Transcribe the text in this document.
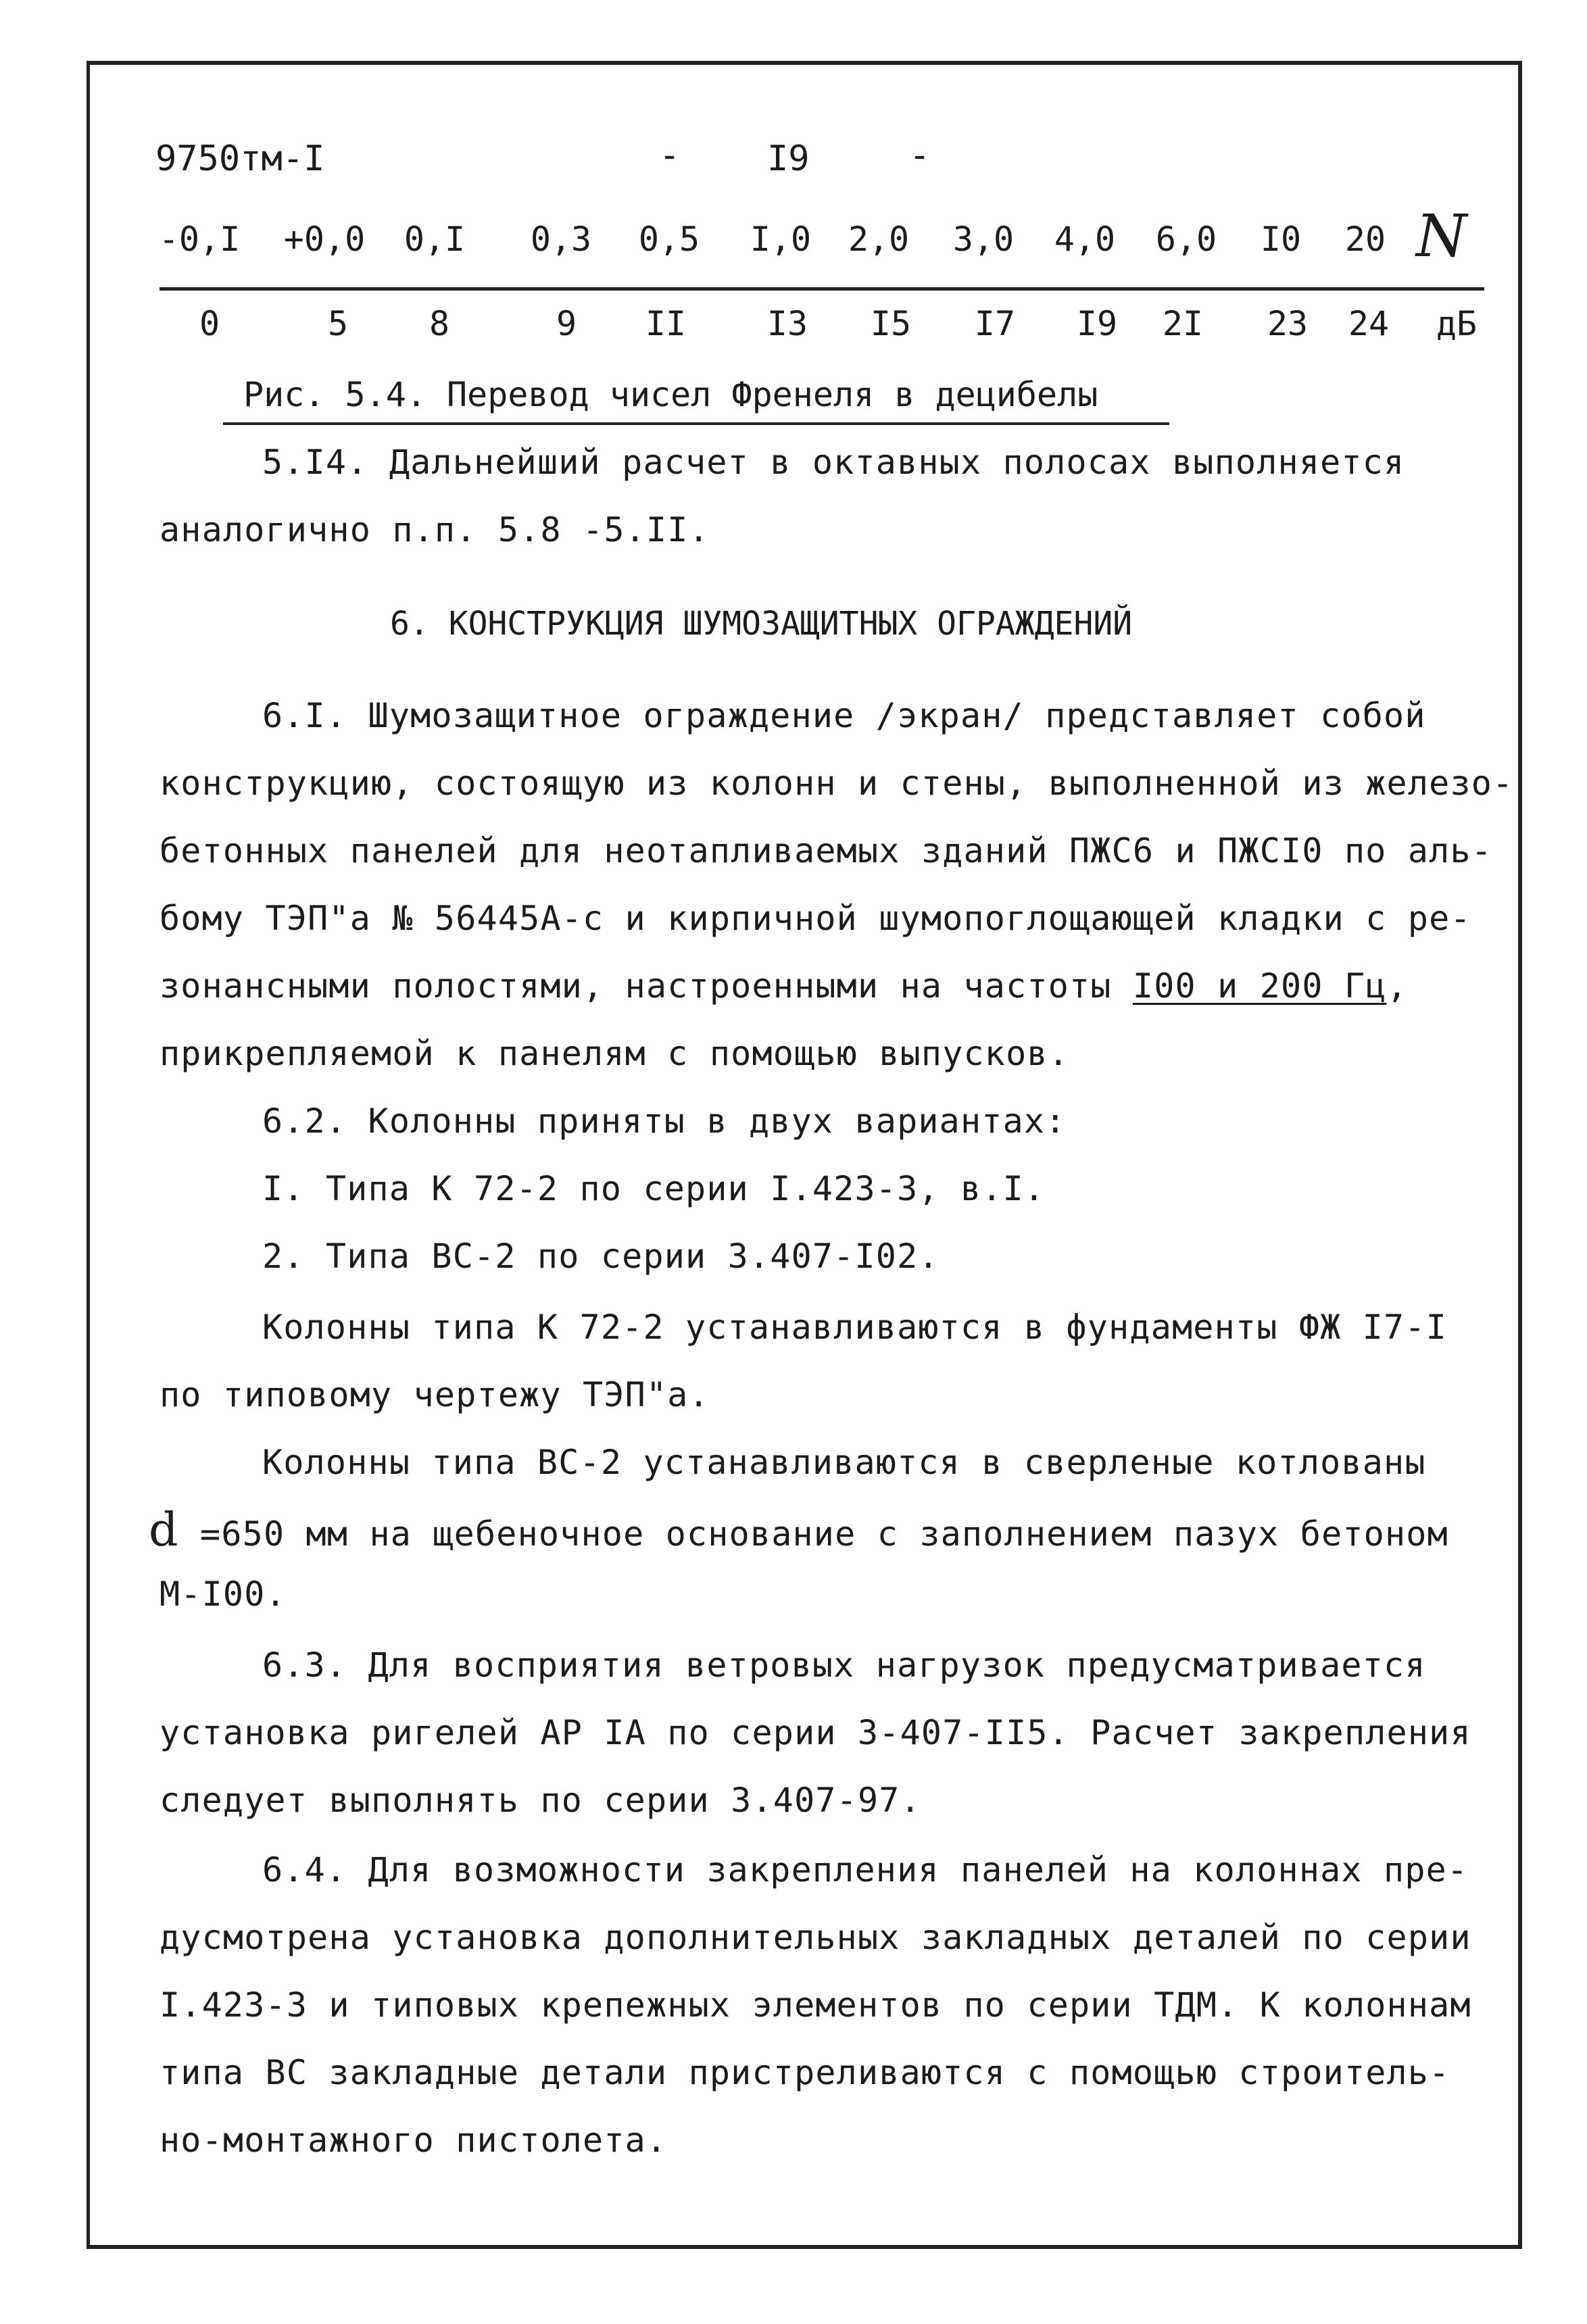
9750тм-I	- I9	-
-0,I +0,0 0,I 0,3 0,5 I,0 2,0 3,0 4,0 6,0 I0 20 N
0	5 8	9 II I3 I5 I7 I9 2I 23 24 дБ
Рис. 5.4. Перевод чисел Френеля в децибелы
5.I4. Дальнейший расчет в октавных полосах выполняется
аналогично п.п. 5.8 -5.II.
6. КОНСТРУКЦИЯ ШУМОЗАЩИТНЫХ ОГРАЖДЕНИЙ
6.I. Шумозащитное ограждение /экран/ представляет собой
конструкцию, состоящую из колонн и стены, выполненной из железо-
бетонных панелей для неотапливаемых зданий ПЖС6 и ПЖСI0 по аль-
бому ТЭП"а № 56445А-с и кирпичной шумопоглощающей кладки с ре-
зонансными полостями, настроенными на частоты I00 и 200 Гц,
прикрепляемой к панелям с помощью выпусков.
6.2. Колонны приняты в двух вариантах:
I. Типа К 72-2 по серии I.423-3, в.I.
2. Типа ВС-2 по серии 3.407-I02.
Колонны типа К 72-2 устанавливаются в фундаменты ФЖ I7-I
по типовому чертежу ТЭП"а.
Колонны типа ВС-2 устанавливаются в сверленые котлованы
d =650 мм на щебеночное основание с заполнением пазух бетоном
М-I00.
6.3. Для восприятия ветровых нагрузок предусматривается
установка ригелей АР IА по серии 3-407-II5. Расчет закрепления
следует выполнять по серии 3.407-97.
6.4. Для возможности закрепления панелей на колоннах пре-
дусмотрена установка дополнительных закладных деталей по серии
I.423-3 и типовых крепежных элементов по серии ТДМ. К колоннам
типа ВС закладные детали пристреливаются с помощью строитель-
но-монтажного пистолета.
